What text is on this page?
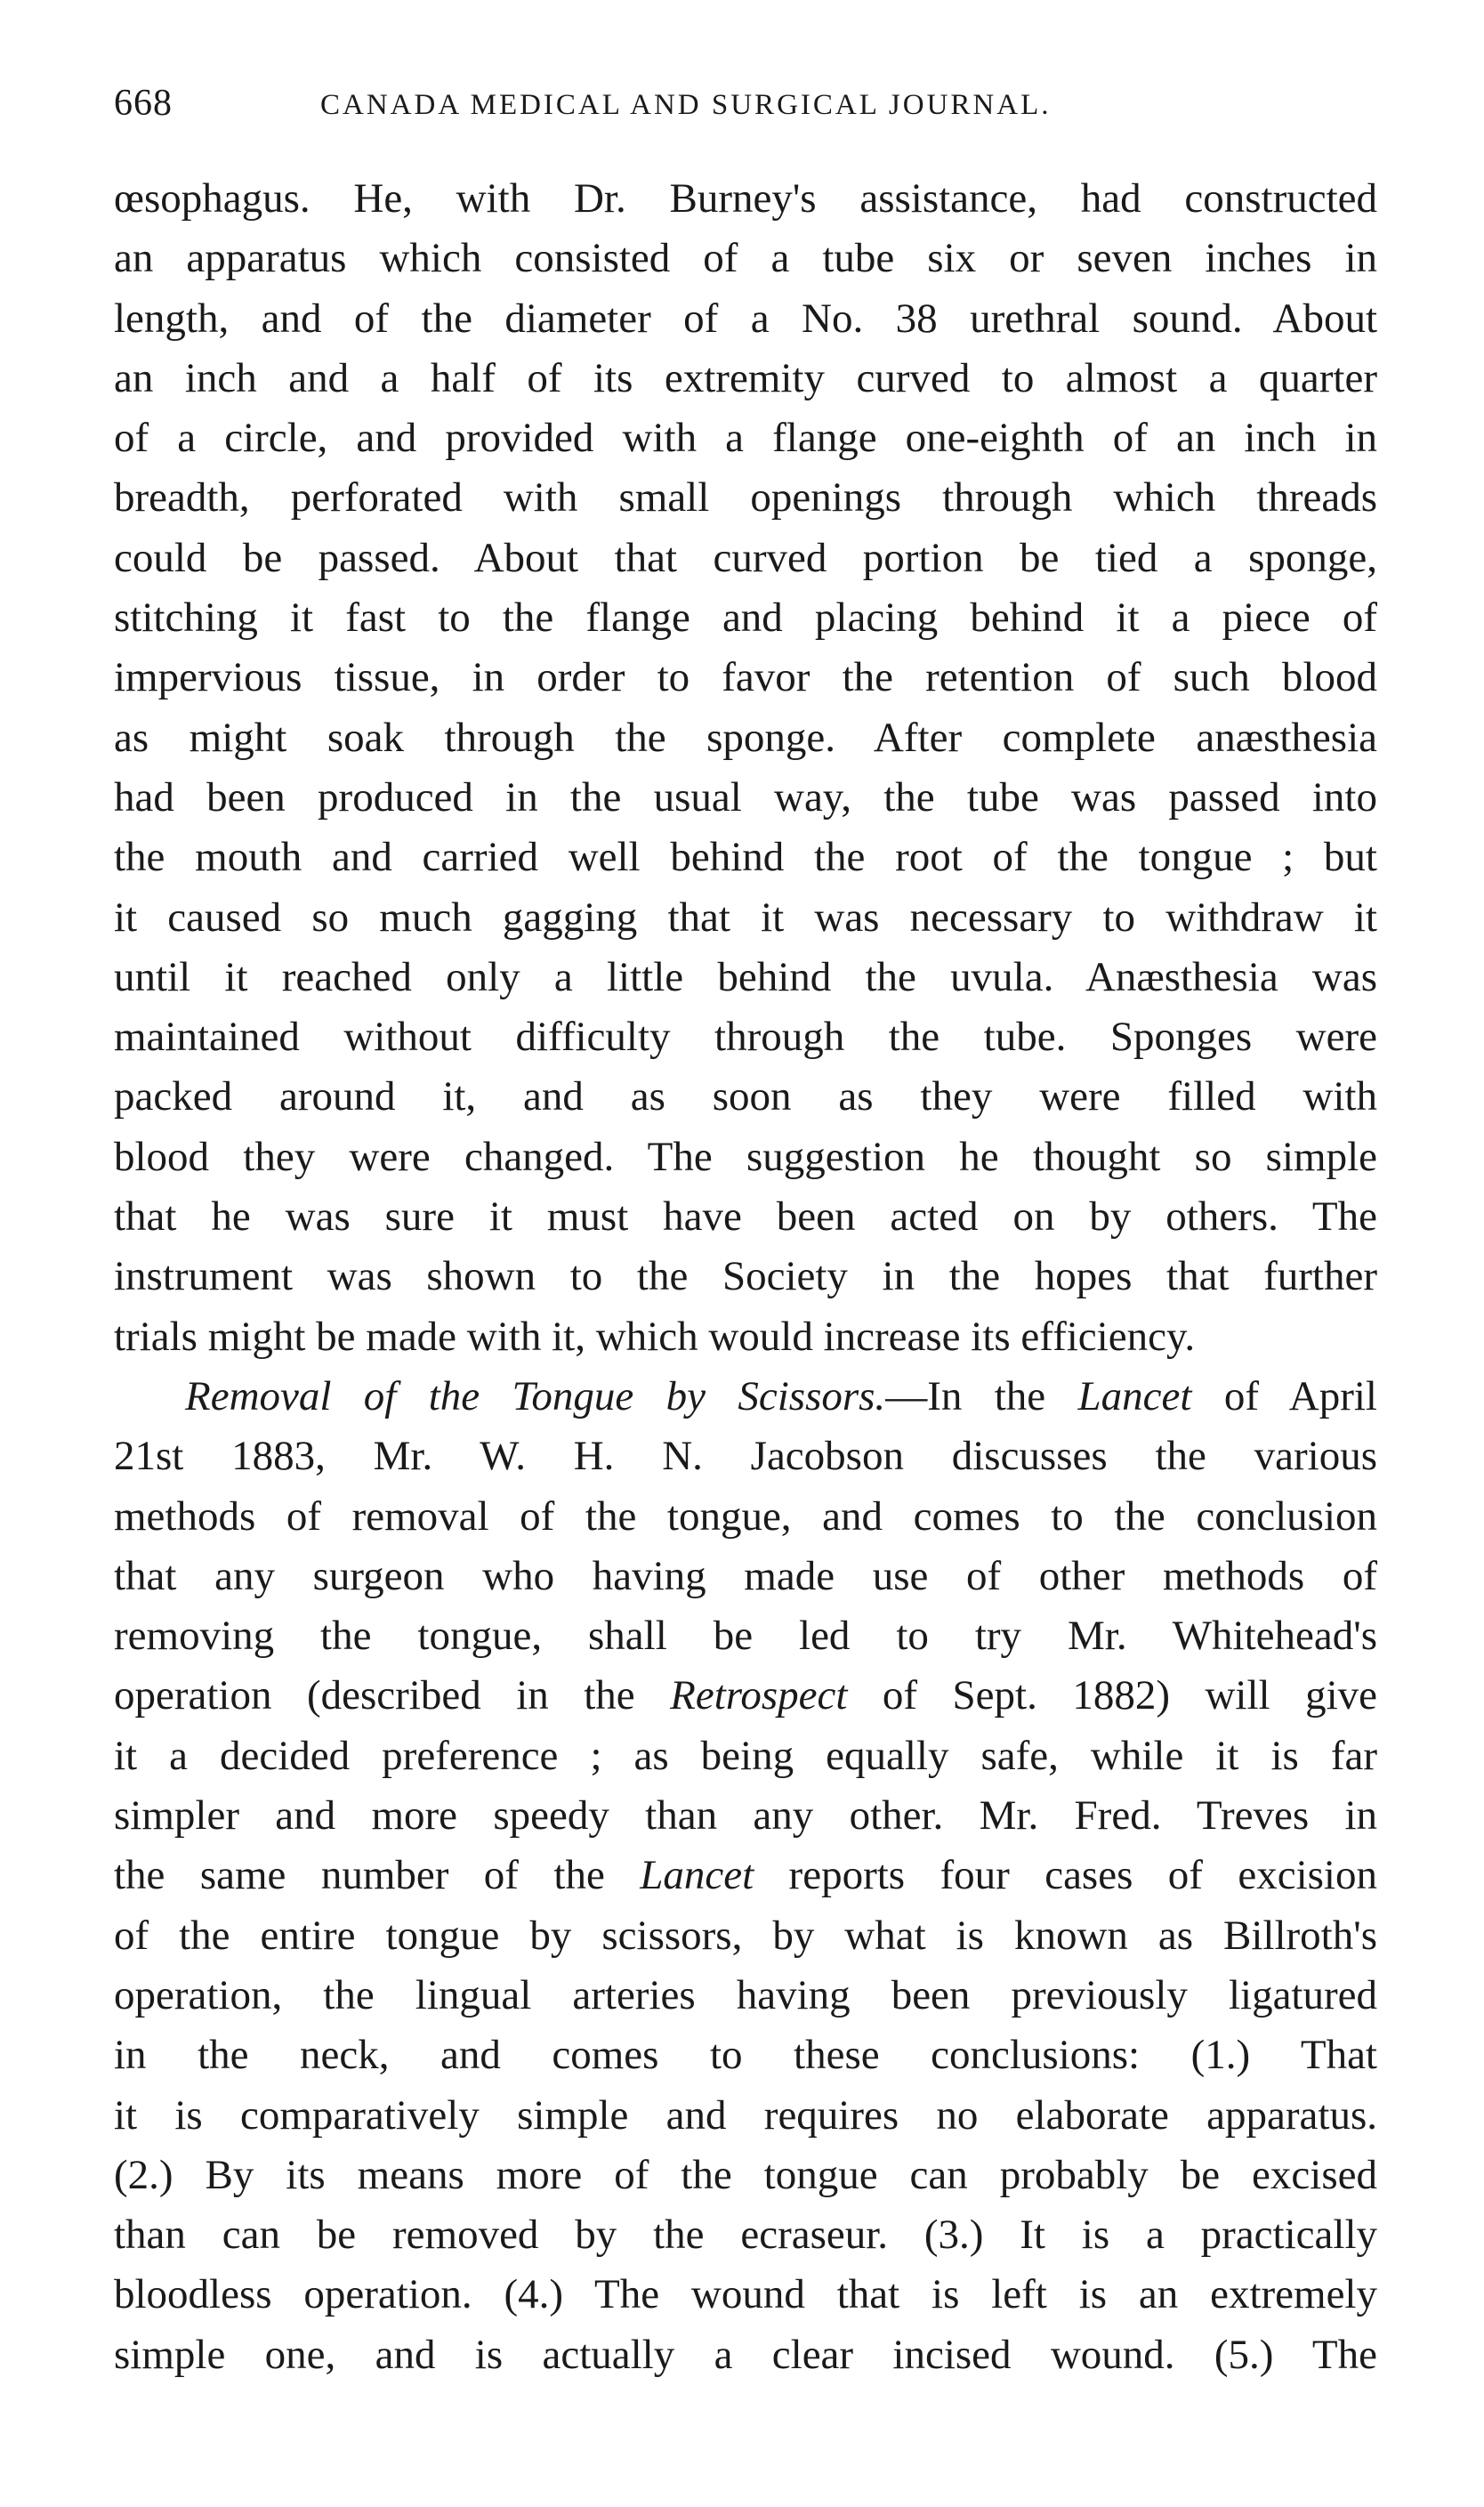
668	CANADA MEDICAL AND SURGICAL JOURNAL.
œsophagus. He, with Dr. Burney's assistance, had constructed
an apparatus which consisted of a tube six or seven inches in
length, and of the diameter of a No. 38 urethral sound. About
an inch and a half of its extremity curved to almost a quarter
of a circle, and provided with a flange one-eighth of an inch in
breadth, perforated with small openings through which threads
could be passed. About that curved portion be tied a sponge,
stitching it fast to the flange and placing behind it a piece of
impervious tissue, in order to favor the retention of such blood
as might soak through the sponge. After complete anæsthesia
had been produced in the usual way, the tube was passed into
the mouth and carried well behind the root of the tongue ; but
it caused so much gagging that it was necessary to withdraw it
until it reached only a little behind the uvula. Anæsthesia was
maintained without difficulty through the tube. Sponges were
packed around it, and as soon as they were filled with
blood they were changed. The suggestion he thought so simple
that he was sure it must have been acted on by others. The
instrument was shown to the Society in the hopes that further
trials might be made with it, which would increase its efficiency.
Removal of the Tongue by Scissors.—In the Lancet of April
21st 1883, Mr. W. H. N. Jacobson discusses the various
methods of removal of the tongue, and comes to the conclusion
that any surgeon who having made use of other methods of
removing the tongue, shall be led to try Mr. Whitehead's
operation (described in the Retrospect of Sept. 1882) will give
it a decided preference ; as being equally safe, while it is far
simpler and more speedy than any other. Mr. Fred. Treves in
the same number of the Lancet reports four cases of excision
of the entire tongue by scissors, by what is known as Billroth's
operation, the lingual arteries having been previously ligatured
in the neck, and comes to these conclusions: (1.) That
it is comparatively simple and requires no elaborate apparatus.
(2.) By its means more of the tongue can probably be excised
than can be removed by the ecraseur. (3.) It is a practically
bloodless operation. (4.) The wound that is left is an extremely
simple one, and is actually a clear incised wound. (5.) The
